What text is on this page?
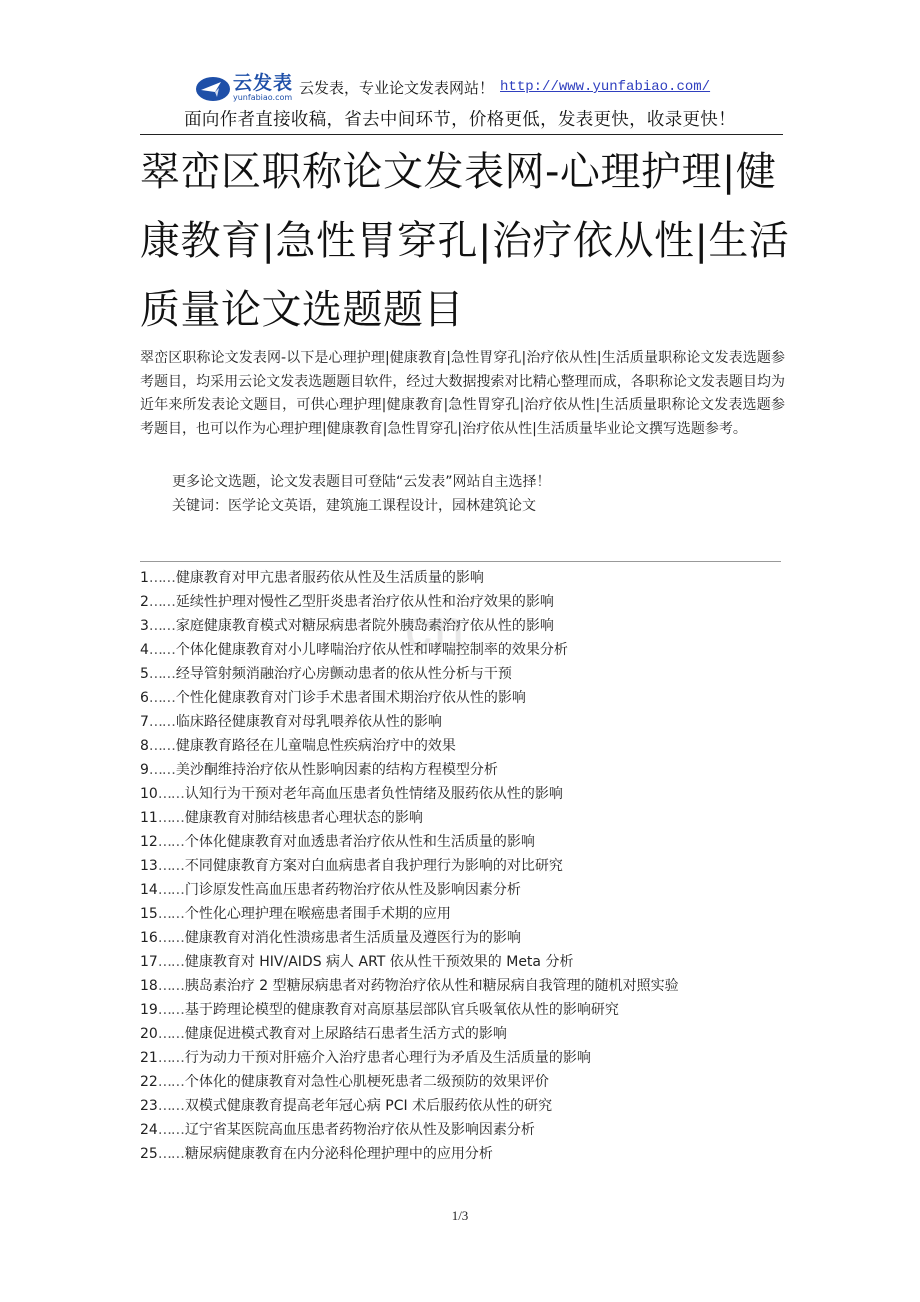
云发表
yunfabiao.com
云发表，专业论文发表网站！ http://www.yunfabiao.com/
面向作者直接收稿，省去中间环节，价格更低，发表更快，收录更快！
翠峦区职称论文发表网-心理护理|健康教育|急性胃穿孔|治疗依从性|生活质量论文选题题目

翠峦区职称论文发表网-以下是心理护理|健康教育|急性胃穿孔|治疗依从性|生活质量职称论文发表选题参考题目，均采用云论文发表选题题目软件，经过大数据搜索对比精心整理而成，各职称论文发表题目均为近年来所发表论文题目，可供心理护理|健康教育|急性胃穿孔|治疗依从性|生活质量职称论文发表选题参考题目，也可以作为心理护理|健康教育|急性胃穿孔|治疗依从性|生活质量毕业论文撰写选题参考。

更多论文选题，论文发表题目可登陆“云发表”网站自主选择！
关键词：医学论文英语，建筑施工课程设计，园林建筑论文
cn
1……健康教育对甲亢患者服药依从性及生活质量的影响
2……延续性护理对慢性乙型肝炎患者治疗依从性和治疗效果的影响
3……家庭健康教育模式对糖尿病患者院外胰岛素治疗依从性的影响
4……个体化健康教育对小儿哮喘治疗依从性和哮喘控制率的效果分析
5……经导管射频消融治疗心房颤动患者的依从性分析与干预
6……个性化健康教育对门诊手术患者围术期治疗依从性的影响
7……临床路径健康教育对母乳喂养依从性的影响
8……健康教育路径在儿童喘息性疾病治疗中的效果
9……美沙酮维持治疗依从性影响因素的结构方程模型分析
10……认知行为干预对老年高血压患者负性情绪及服药依从性的影响
11……健康教育对肺结核患者心理状态的影响
12……个体化健康教育对血透患者治疗依从性和生活质量的影响
13……不同健康教育方案对白血病患者自我护理行为影响的对比研究
14……门诊原发性高血压患者药物治疗依从性及影响因素分析
15……个性化心理护理在喉癌患者围手术期的应用
16……健康教育对消化性溃疡患者生活质量及遵医行为的影响
17……健康教育对 HIV/AIDS 病人 ART 依从性干预效果的 Meta 分析
18……胰岛素治疗 2 型糖尿病患者对药物治疗依从性和糖尿病自我管理的随机对照实验
19……基于跨理论模型的健康教育对高原基层部队官兵吸氧依从性的影响研究
20……健康促进模式教育对上尿路结石患者生活方式的影响
21……行为动力干预对肝癌介入治疗患者心理行为矛盾及生活质量的影响
22……个体化的健康教育对急性心肌梗死患者二级预防的效果评价
23……双模式健康教育提高老年冠心病 PCI 术后服药依从性的研究
24……辽宁省某医院高血压患者药物治疗依从性及影响因素分析
25……糖尿病健康教育在内分泌科伦理护理中的应用分析
1/3
